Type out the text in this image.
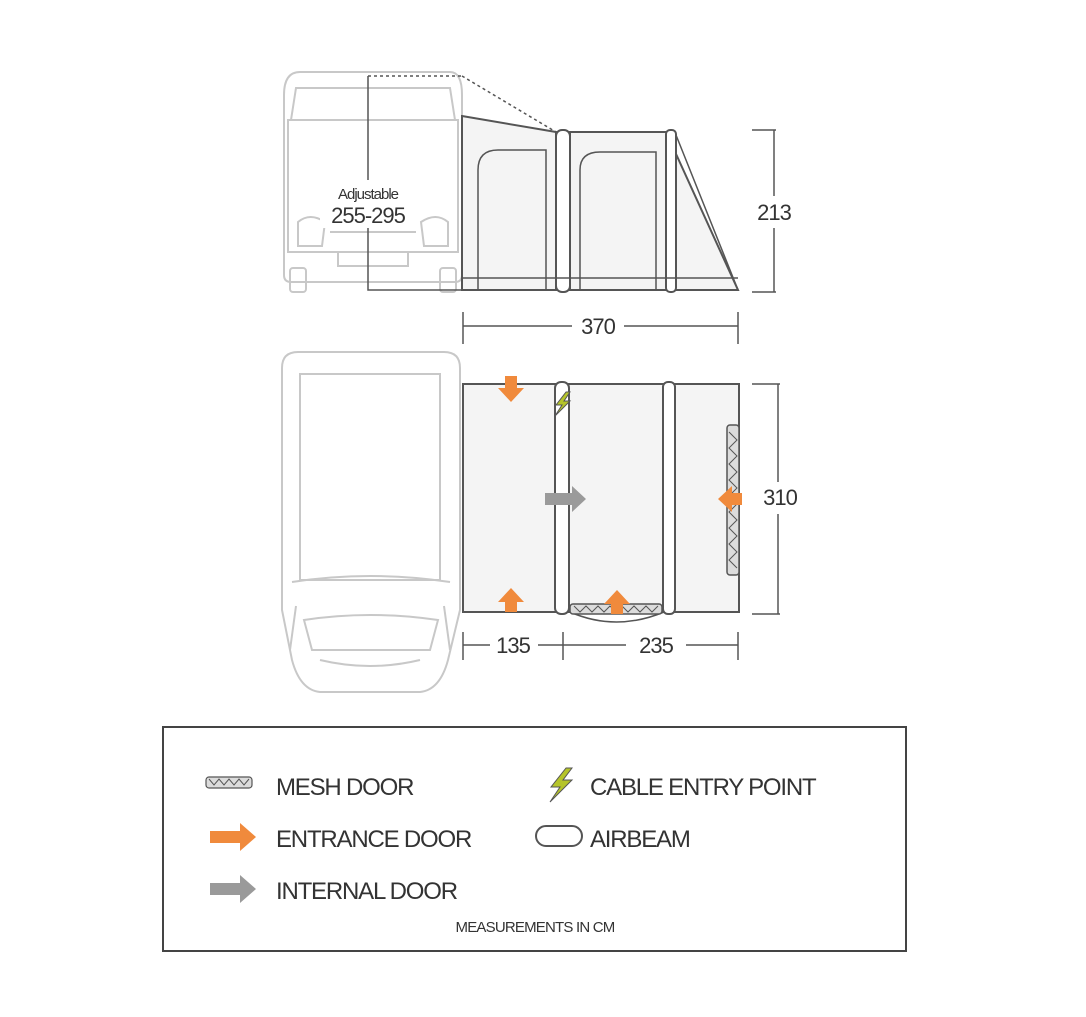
Adjustable
255-295	213
370
310
135	235
MESH DOOR	CABLE ENTRY POINT
ENTRANCE DOOR	AIRBEAM
INTERNAL DOOR
MEASUREMENTS IN CM
